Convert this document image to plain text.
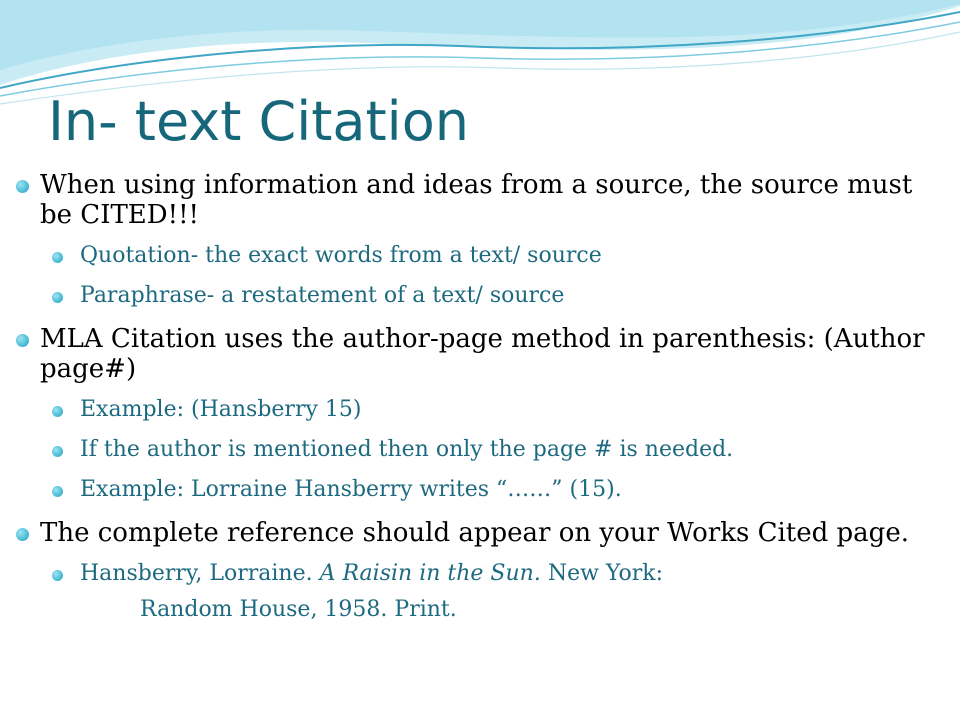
In- text Citation
When using information and ideas from a source, the source must be CITED!!!
Quotation- the exact words from a text/ source
Paraphrase- a restatement of a text/ source
MLA Citation uses the author-page method in parenthesis: (Author page#)
Example: (Hansberry 15)
If the author is mentioned then only the page # is needed.
Example: Lorraine Hansberry writes “……” (15).
The complete reference should appear on your Works Cited page.
Hansberry, Lorraine. A Raisin in the Sun. New York:
Random House, 1958. Print.
